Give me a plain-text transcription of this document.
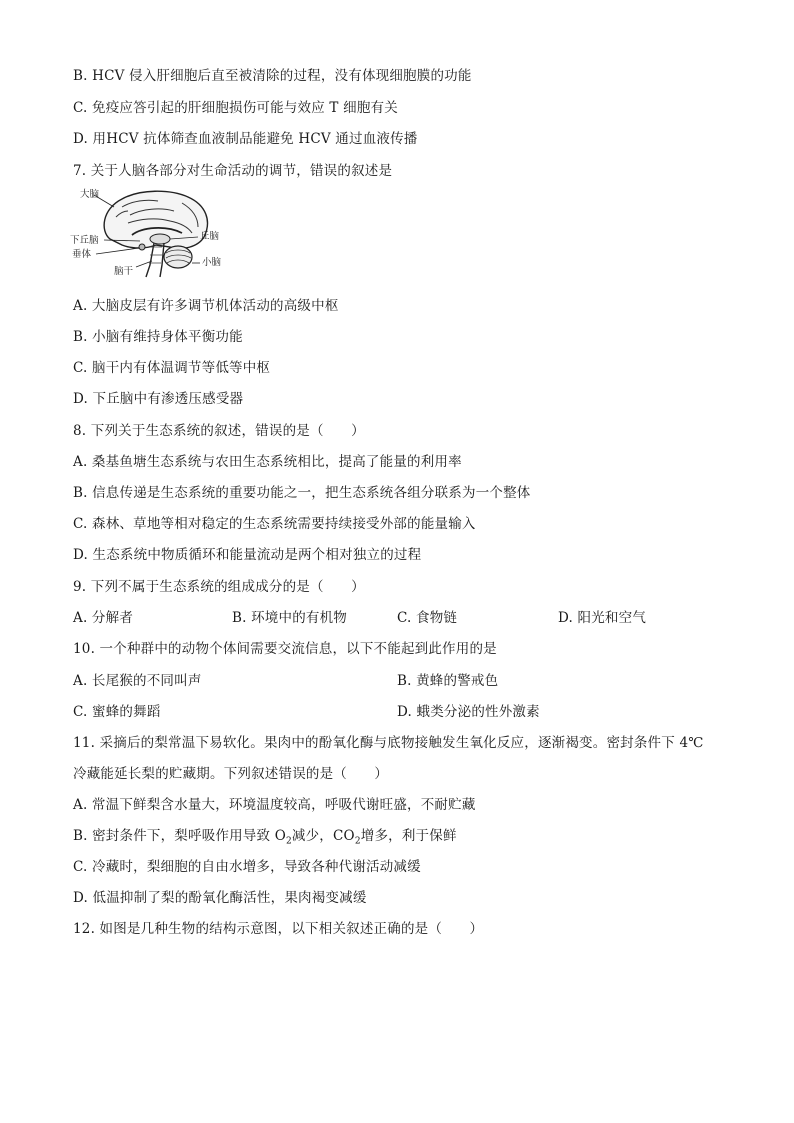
B. HCV 侵入肝细胞后直至被清除的过程，没有体现细胞膜的功能
C. 免疫应答引起的肝细胞损伤可能与效应 T 细胞有关
D. 用HCV 抗体筛查血液制品能避免 HCV 通过血液传播
7. 关于人脑各部分对生命活动的调节，错误的叙述是
大脑
下丘脑
垂体
脑干
丘脑
小脑
A. 大脑皮层有许多调节机体活动的高级中枢
B. 小脑有维持身体平衡功能
C. 脑干内有体温调节等低等中枢
D. 下丘脑中有渗透压感受器
8. 下列关于生态系统的叙述，错误的是（　　）
A. 桑基鱼塘生态系统与农田生态系统相比，提高了能量的利用率
B. 信息传递是生态系统的重要功能之一，把生态系统各组分联系为一个整体
C. 森林、草地等相对稳定的生态系统需要持续接受外部的能量输入
D. 生态系统中物质循环和能量流动是两个相对独立的过程
9. 下列不属于生态系统的组成成分的是（　　）
A. 分解者	B. 环境中的有机物	C. 食物链	D. 阳光和空气
10. 一个种群中的动物个体间需要交流信息，以下不能起到此作用的是
A. 长尾猴的不同叫声	B. 黄蜂的警戒色
C. 蜜蜂的舞蹈	D. 蛾类分泌的性外激素
11. 采摘后的梨常温下易软化。果肉中的酚氧化酶与底物接触发生氧化反应，逐渐褐变。密封条件下 4℃
冷藏能延长梨的贮藏期。下列叙述错误的是（　　）
A. 常温下鲜梨含水量大，环境温度较高，呼吸代谢旺盛，不耐贮藏
B. 密封条件下，梨呼吸作用导致 $O_2$减少，$CO_2$增多，利于保鲜
C. 冷藏时，梨细胞的自由水增多，导致各种代谢活动减缓
D. 低温抑制了梨的酚氧化酶活性，果肉褐变减缓
12. 如图是几种生物的结构示意图，以下相关叙述正确的是（　　）
